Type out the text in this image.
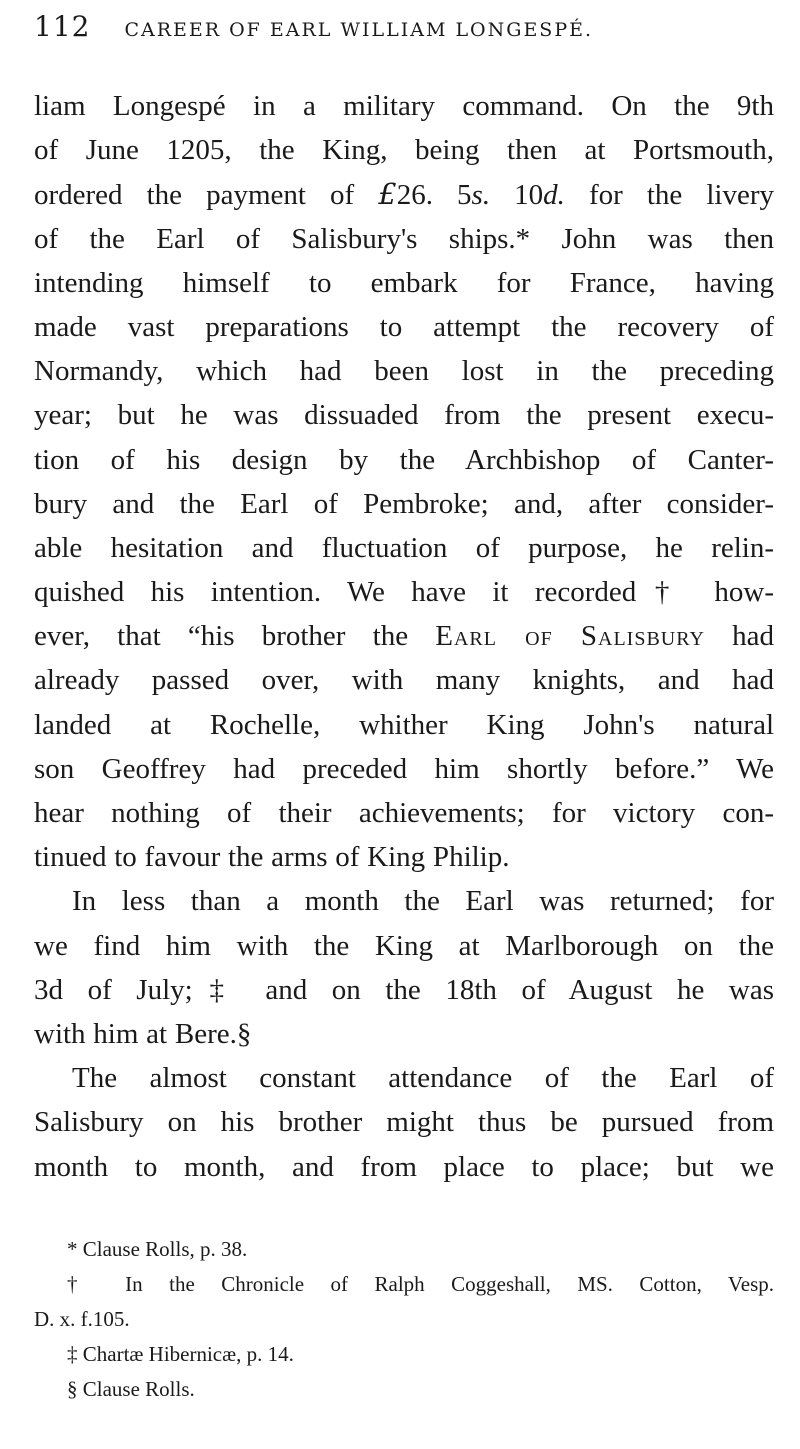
112 CAREER OF EARL WILLIAM LONGESPÉ.
liam Longespé in a military command. On the 9th
of June 1205, the King, being then at Portsmouth,
ordered the payment of £26. 5s. 10d. for the livery
of the Earl of Salisbury's ships.* John was then
intending himself to embark for France, having
made vast preparations to attempt the recovery of
Normandy, which had been lost in the preceding
year; but he was dissuaded from the present execu-
tion of his design by the Archbishop of Canter-
bury and the Earl of Pembroke; and, after consider-
able hesitation and fluctuation of purpose, he relin-
quished his intention. We have it recorded† how-
ever, that “his brother the Earl of Salisbury had
already passed over, with many knights, and had
landed at Rochelle, whither King John's natural
son Geoffrey had preceded him shortly before.” We
hear nothing of their achievements; for victory con-
tinued to favour the arms of King Philip.
In less than a month the Earl was returned; for
we find him with the King at Marlborough on the
3d of July;‡ and on the 18th of August he was
with him at Bere.§
The almost constant attendance of the Earl of
Salisbury on his brother might thus be pursued from
month to month, and from place to place; but we
* Clause Rolls, p. 38.
† In the Chronicle of Ralph Coggeshall, MS. Cotton, Vesp.
D. x. f.105.
‡ Chartæ Hibernicæ, p. 14.
§ Clause Rolls.
